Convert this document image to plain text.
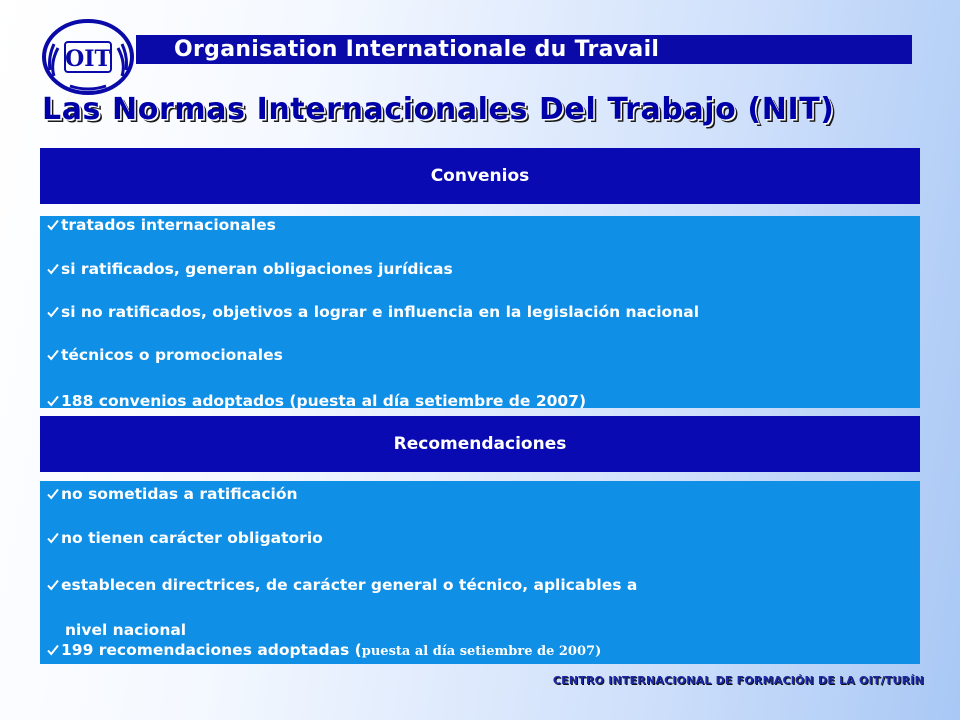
OIT	Organisation Internationale du Travail
Las Normas Internacionales Del Trabajo (NIT)
Convenios
tratados internacionales
si ratificados, generan obligaciones jurídicas
si no ratificados, objetivos a lograr e influencia en la legislación nacional
técnicos o promocionales
188 convenios adoptados (puesta al día setiembre de 2007)
Recomendaciones
no sometidas a ratificación
no tienen carácter obligatorio
establecen directrices, de carácter general o técnico, aplicables a
nivel nacional
199 recomendaciones adoptadas (puesta al día setiembre de 2007)
CENTRO INTERNACIONAL DE FORMACIÓN DE LA OIT/TURÍN
